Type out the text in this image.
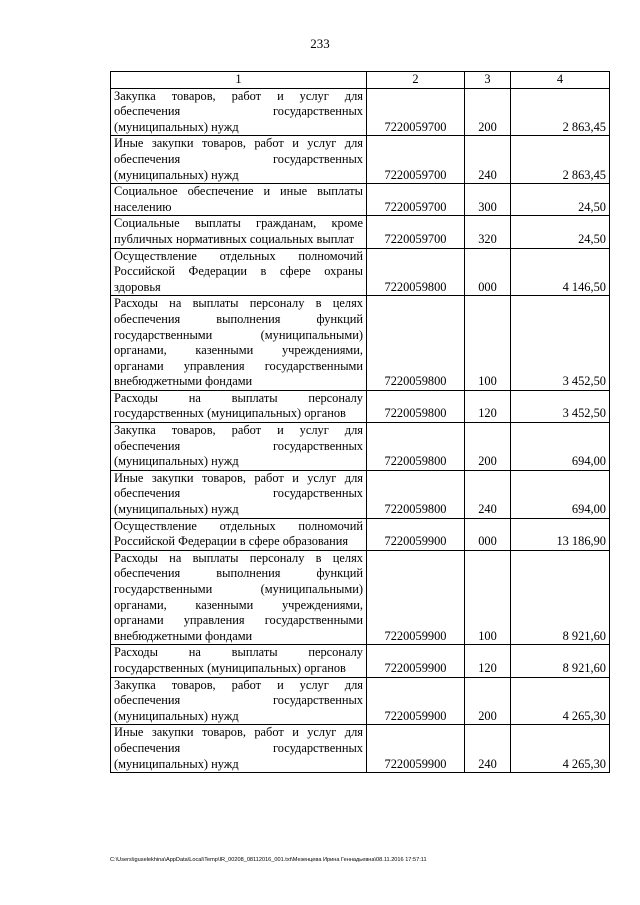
233
1	2	3	4
Закупка товаров, работ и услуг для обеспечения государственных (муниципальных) нужд	7220059700	200	2 863,45
Иные закупки товаров, работ и услуг для обеспечения государственных (муниципальных) нужд	7220059700	240	2 863,45
Социальное обеспечение и иные выплаты населению	7220059700	300	24,50
Социальные выплаты гражданам, кроме публичных нормативных социальных выплат	7220059700	320	24,50
Осуществление отдельных полномочий Российской Федерации в сфере охраны здоровья	7220059800	000	4 146,50
Расходы на выплаты персоналу в целях обеспечения выполнения функций государственными (муниципальными) органами, казенными учреждениями, органами управления государственными внебюджетными фондами	7220059800	100	3 452,50
Расходы на выплаты персоналу государственных (муниципальных) органов	7220059800	120	3 452,50
Закупка товаров, работ и услуг для обеспечения государственных (муниципальных) нужд	7220059800	200	694,00
Иные закупки товаров, работ и услуг для обеспечения государственных (муниципальных) нужд	7220059800	240	694,00
Осуществление отдельных полномочий Российской Федерации в сфере образования	7220059900	000	13 186,90
Расходы на выплаты персоналу в целях обеспечения выполнения функций государственными (муниципальными) органами, казенными учреждениями, органами управления государственными внебюджетными фондами	7220059900	100	8 921,60
Расходы на выплаты персоналу государственных (муниципальных) органов	7220059900	120	8 921,60
Закупка товаров, работ и услуг для обеспечения государственных (муниципальных) нужд	7220059900	200	4 265,30
Иные закупки товаров, работ и услуг для обеспечения государственных (муниципальных) нужд	7220059900	240	4 265,30
C:\Users\iguselekhina\AppData\Local\Temp\IR_00208_08112016_001.txt\Мезенцева Ирина Геннадьевна\08.11.2016 17:57:11
